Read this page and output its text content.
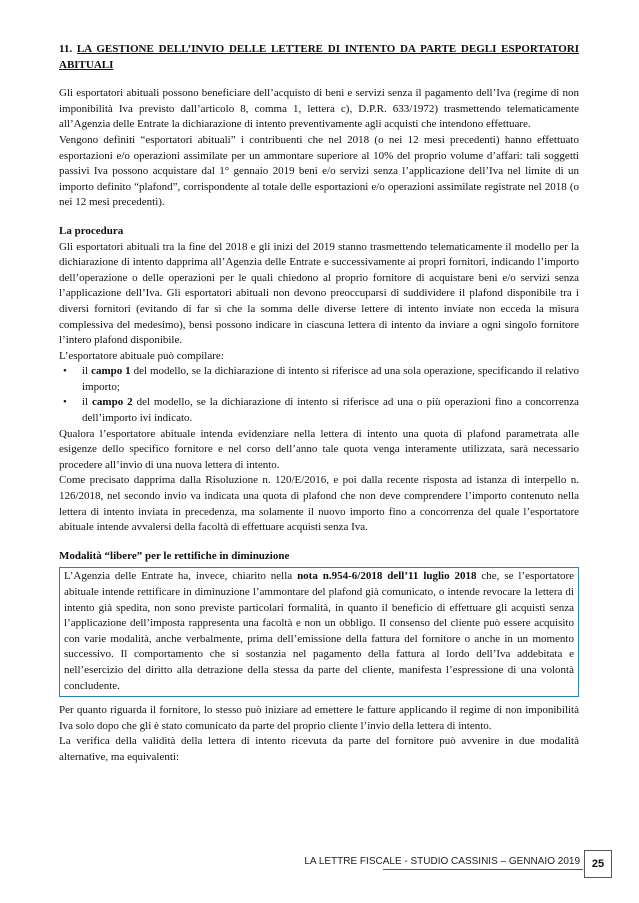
11. LA GESTIONE DELL’INVIO DELLE LETTERE DI INTENTO DA PARTE DEGLI ESPORTATORI ABITUALI

Gli esportatori abituali possono beneficiare dell’acquisto di beni e servizi senza il pagamento dell’Iva (regime di non imponibilità Iva previsto dall’articolo 8, comma 1, lettera c), D.P.R. 633/1972) trasmettendo telematicamente all’Agenzia delle Entrate la dichiarazione di intento preventivamente agli acquisti che intendono effettuare.

Vengono definiti “esportatori abituali” i contribuenti che nel 2018 (o nei 12 mesi precedenti) hanno effettuato esportazioni e/o operazioni assimilate per un ammontare superiore al 10% del proprio volume d’affari: tali soggetti passivi Iva possono acquistare dal 1° gennaio 2019 beni e/o servizi senza l’applicazione dell’Iva nel limite di un importo definito “plafond”, corrispondente al totale delle esportazioni e/o operazioni assimilate registrate nel 2018 (o nei 12 mesi precedenti).

La procedura

Gli esportatori abituali tra la fine del 2018 e gli inizi del 2019 stanno trasmettendo telematicamente il modello per la dichiarazione di intento dapprima all’Agenzia delle Entrate e successivamente ai propri fornitori, indicando l’importo dell’operazione o delle operazioni per le quali chiedono al proprio fornitore di acquistare beni e/o servizi senza l’applicazione dell’Iva. Gli esportatori abituali non devono preoccuparsi di suddividere il plafond disponibile tra i diversi fornitori (evitando di far sì che la somma delle diverse lettere di intento inviate non ecceda la misura complessiva del medesimo), bensì possono indicare in ciascuna lettera di intento da inviare a ogni singolo fornitore l’intero plafond disponibile.

L’esportatore abituale può compilare:

• il campo 1 del modello, se la dichiarazione di intento si riferisce ad una sola operazione, specificando il relativo importo;
• il campo 2 del modello, se la dichiarazione di intento si riferisce ad una o più operazioni fino a concorrenza dell’importo ivi indicato.

Qualora l’esportatore abituale intenda evidenziare nella lettera di intento una quota di plafond parametrata alle esigenze dello specifico fornitore e nel corso dell’anno tale quota venga interamente utilizzata, sarà necessario procedere all’invio di una nuova lettera di intento.

Come precisato dapprima dalla Risoluzione n. 120/E/2016, e poi dalla recente risposta ad istanza di interpello n. 126/2018, nel secondo invio va indicata una quota di plafond che non deve comprendere l’importo contenuto nella lettera di intento inviata in precedenza, ma solamente il nuovo importo fino a concorrenza del quale l’esportatore abituale intende avvalersi della facoltà di effettuare acquisti senza Iva.

Modalità “libere” per le rettifiche in diminuzione

L’Agenzia delle Entrate ha, invece, chiarito nella nota n.954-6/2018 dell’11 luglio 2018 che, se l’esportatore abituale intende rettificare in diminuzione l’ammontare del plafond già comunicato, o intende revocare la lettera di intento già spedita, non sono previste particolari formalità, in quanto il beneficio di effettuare gli acquisti senza l’applicazione dell’imposta rappresenta una facoltà e non un obbligo. Il consenso del cliente può essere acquisito con varie modalità, anche verbalmente, prima dell’emissione della fattura del fornitore o anche in un momento successivo. Il comportamento che si sostanzia nel pagamento della fattura al lordo dell’Iva addebitata e nell’esercizio del diritto alla detrazione della stessa da parte del cliente, manifesta l’espressione di una volontà concludente.

Per quanto riguarda il fornitore, lo stesso può iniziare ad emettere le fatture applicando il regime di non imponibilità Iva solo dopo che gli è stato comunicato da parte del proprio cliente l’invio della lettera di intento.

La verifica della validità della lettera di intento ricevuta da parte del fornitore può avvenire in due modalità alternative, ma equivalenti:

LA LETTRE FISCALE - STUDIO CASSINIS – GENNAIO 2019	25
